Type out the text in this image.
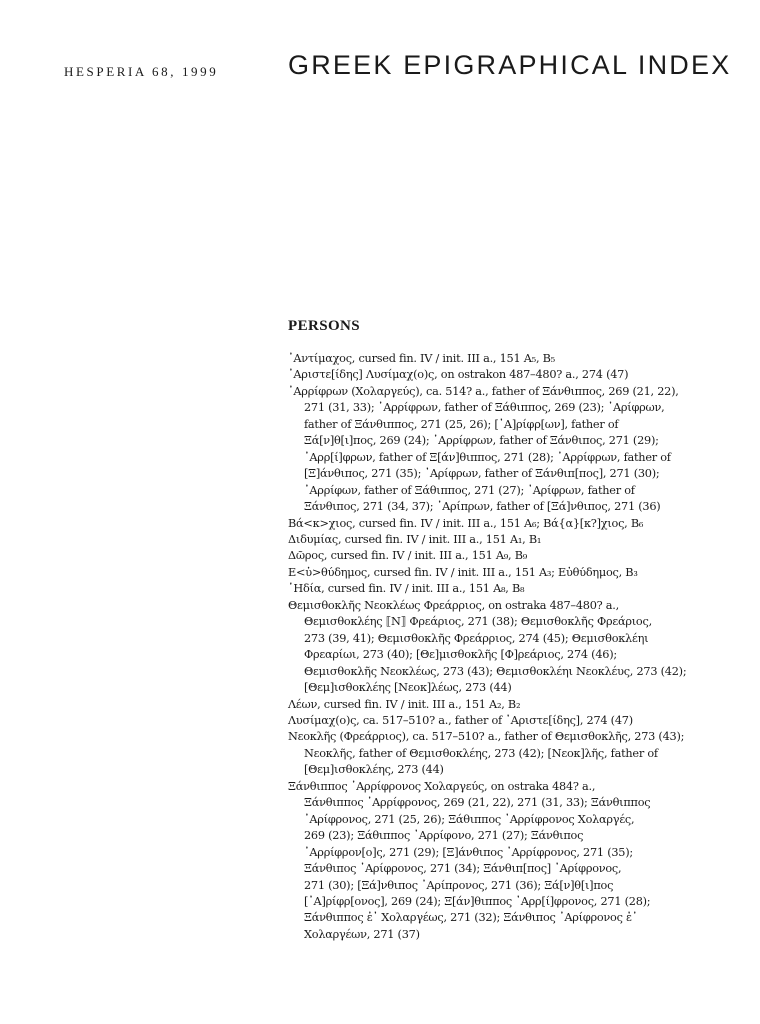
HESPERIA 68, 1999	GREEK EPIGRAPHICAL INDEX
PERSONS
᾿Αντίμαχος, cursed fin. IV / init. III a., 151 A₅, B₅
᾿Αριστε[ίδης] Λυσίμαχ(ο)ς, on ostrakon 487–480? a., 274 (47)
᾿Αρρίφρων (Χολαργεύς), ca. 514? a., father of Ξάνθιππος, 269 (21, 22),
271 (31, 33); ᾿Αρρίφρων, father of Ξάθιππος, 269 (23); ᾿Αρίφρων,
father of Ξάνθιππος, 271 (25, 26); [᾿Α]ρίφρ[ων], father of
Ξά[ν]θ[ι]πος, 269 (24); ᾿Αρρίφρων, father of Ξάνθιπος, 271 (29);
᾿Αρρ[ί]φρων, father of Ξ[άν]θιππος, 271 (28); ᾿Αρρίφρων, father of
[Ξ]άνθιπος, 271 (35); ᾿Αρίφρων, father of Ξάνθιπ[πος], 271 (30);
᾿Αρρίφων, father of Ξάθιππος, 271 (27); ᾿Αρίφρων, father of
Ξάνθιπος, 271 (34, 37); ᾿Αρίπρων, father of [Ξά]νθιπος, 271 (36)
Βά<κ>χιος, cursed fin. IV / init. III a., 151 A₆; Βά{α}[κ?]χιος, B₆
Διδυμίας, cursed fin. IV / init. III a., 151 A₁, B₁
Δῶρος, cursed fin. IV / init. III a., 151 A₉, B₉
Ε<ὐ>θύδημος, cursed fin. IV / init. III a., 151 A₃; Εὐθύδημος, B₃
῾Ηδία, cursed fin. IV / init. III a., 151 A₈, B₈
Θεμισθοκλῆς Νεοκλέως Φρεάρριος, on ostraka 487–480? a.,
Θεμισθοκλέης ⟦N⟧ Φρεάριος, 271 (38); Θεμισθοκλῆς Φρεάριος,
273 (39, 41); Θεμισθοκλῆς Φρεάρριος, 274 (45); Θεμισθοκλέηι
Φρεαρίωι, 273 (40); [Θε]μισθοκλῆς [Φ]ρεάριος, 274 (46);
Θεμισθοκλῆς Νεοκλέως, 273 (43); Θεμισθοκλέηι Νεοκλέυς, 273 (42);
[Θεμ]ισθοκλέης [Νεοκ]λέως, 273 (44)
Λέων, cursed fin. IV / init. III a., 151 A₂, B₂
Λυσίμαχ(ο)ς, ca. 517–510? a., father of ᾿Αριστε[ίδης], 274 (47)
Νεοκλῆς (Φρεάρριος), ca. 517–510? a., father of Θεμισθοκλῆς, 273 (43);
Νεοκλῆς, father of Θεμισθοκλέης, 273 (42); [Νεοκ]λῆς, father of
[Θεμ]ισθοκλέης, 273 (44)
Ξάνθιππος ᾿Αρρίφρονος Χολαργεύς, on ostraka 484? a.,
Ξάνθιππος ᾿Αρρίφρονος, 269 (21, 22), 271 (31, 33); Ξάνθιππος
᾿Αρίφρονος, 271 (25, 26); Ξάθιππος ᾿Αρρίφρονος Χολαργές,
269 (23); Ξάθιππος ᾿Αρρίφονο, 271 (27); Ξάνθιπος
᾿Αρρίφρον[ο]ς, 271 (29); [Ξ]άνθιπος ᾿Αρρίφρονος, 271 (35);
Ξάνθιπος ᾿Αρίφρονος, 271 (34); Ξάνθιπ[πος] ᾿Αρίφρονος,
271 (30); [Ξά]νθιπος ᾿Αρίπρονος, 271 (36); Ξά[ν]θ[ι]πος
[᾿Α]ρίφρ[ονος], 269 (24); Ξ[άν]θιππος ᾿Αρρ[ί]φρονος, 271 (28);
Ξάνθιππος ἐ᾿ Χολαργέως, 271 (32); Ξάνθιπος ᾿Αρίφρονος ἐ᾿
Χολαργέων, 271 (37)
